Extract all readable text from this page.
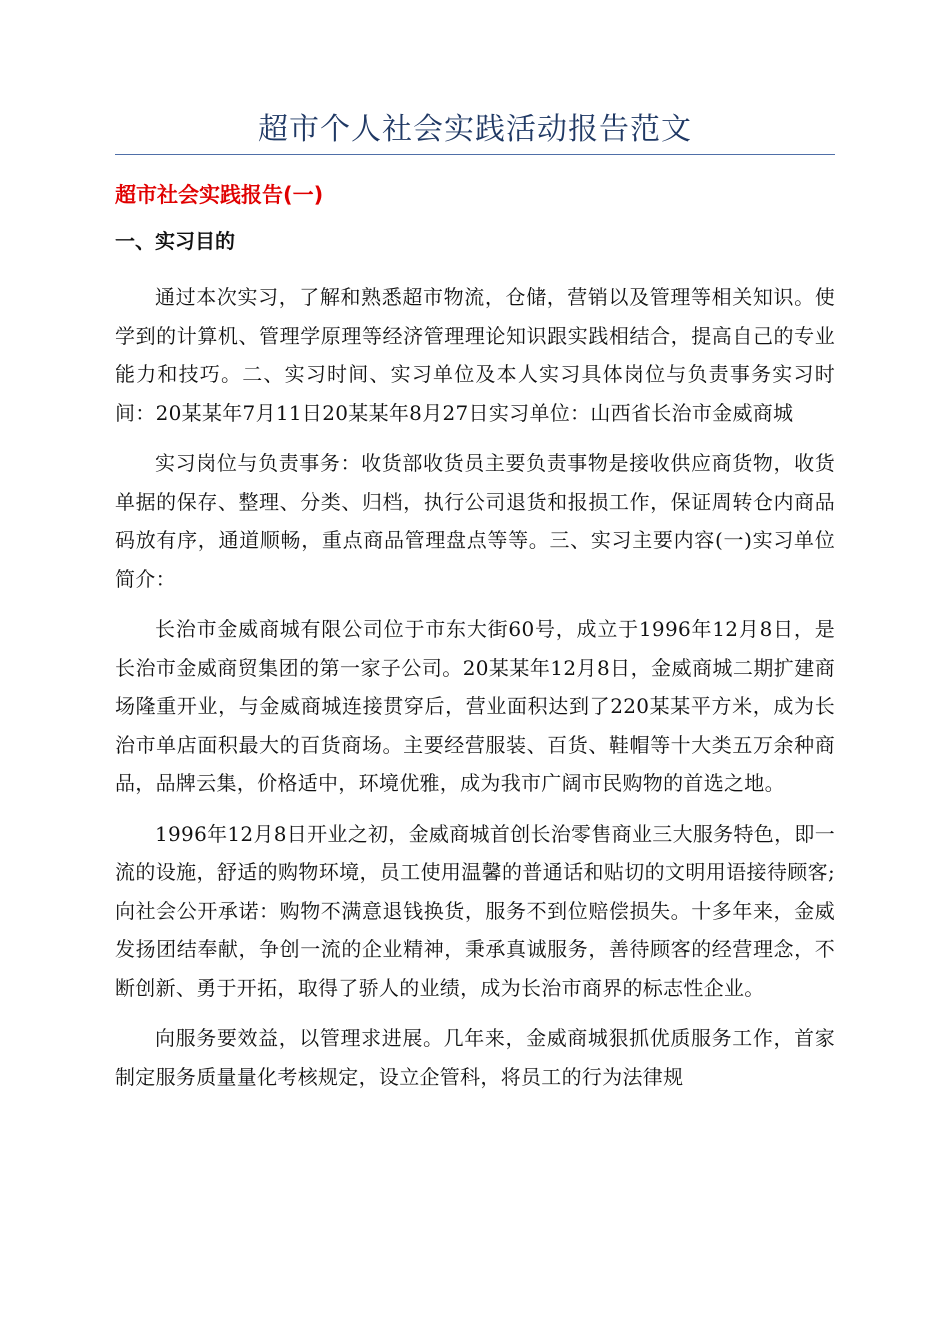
超市个人社会实践活动报告范文
超市社会实践报告(一)
一、实习目的

通过本次实习，了解和熟悉超市物流，仓储，营销以及管理等相关知识。使学到的计算机、管理学原理等经济管理理论知识跟实践相结合，提高自己的专业能力和技巧。二、实习时间、实习单位及本人实习具体岗位与负责事务实习时间：20某某年7月11日20某某年8月27日实习单位：山西省长治市金威商城

实习岗位与负责事务：收货部收货员主要负责事物是接收供应商货物，收货单据的保存、整理、分类、归档，执行公司退货和报损工作，保证周转仓内商品码放有序，通道顺畅，重点商品管理盘点等等。三、实习主要内容(一)实习单位简介：

长治市金威商城有限公司位于市东大街60号，成立于1996年12月8日，是长治市金威商贸集团的第一家子公司。20某某年12月8日，金威商城二期扩建商场隆重开业，与金威商城连接贯穿后，营业面积达到了220某某平方米，成为长治市单店面积最大的百货商场。主要经营服装、百货、鞋帽等十大类五万余种商品，品牌云集，价格适中，环境优雅，成为我市广阔市民购物的首选之地。

1996年12月8日开业之初，金威商城首创长治零售商业三大服务特色，即一流的设施，舒适的购物环境，员工使用温馨的普通话和贴切的文明用语接待顾客;向社会公开承诺：购物不满意退钱换货，服务不到位赔偿损失。十多年来，金威发扬团结奉献，争创一流的企业精神，秉承真诚服务，善待顾客的经营理念，不断创新、勇于开拓，取得了骄人的业绩，成为长治市商界的标志性企业。

向服务要效益，以管理求进展。几年来，金威商城狠抓优质服务工作，首家制定服务质量量化考核规定，设立企管科，将员工的行为法律规
